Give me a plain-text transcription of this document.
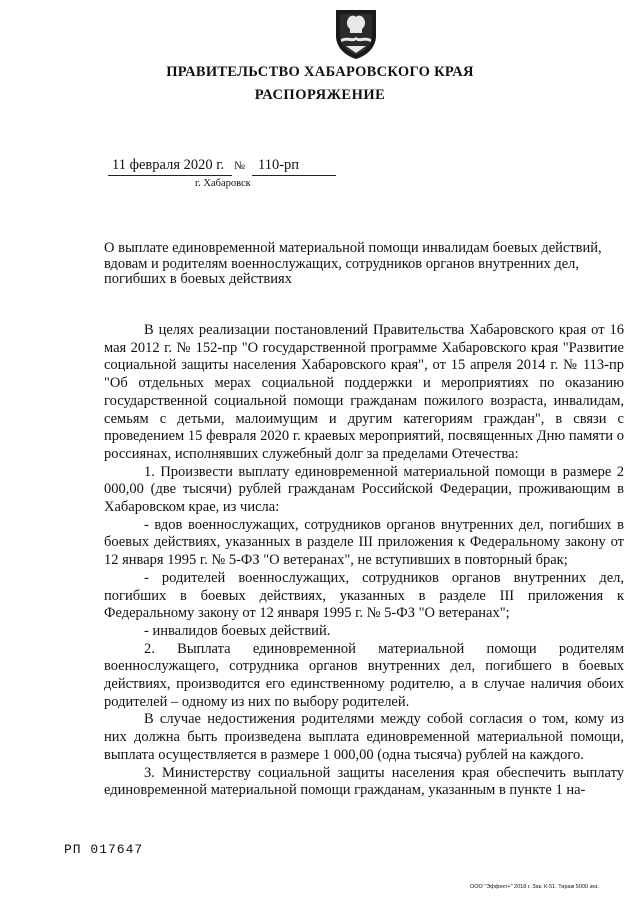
ПРАВИТЕЛЬСТВО ХАБАРОВСКОГО КРАЯ
РАСПОРЯЖЕНИЕ
11 февраля 2020 г. № 110-рп
г. Хабаровск
О выплате единовременной материальной помощи инвалидам боевых действий, вдовам и родителям военнослужащих, сотрудников органов внутренних дел, погибших в боевых действиях

В целях реализации постановлений Правительства Хабаровского края от 16 мая 2012 г. № 152-пр "О государственной программе Хабаровского края "Развитие социальной защиты населения Хабаровского края", от 15 апреля 2014 г. № 113-пр "Об отдельных мерах социальной поддержки и мероприятиях по оказанию государственной социальной помощи гражданам пожилого возраста, инвалидам, семьям с детьми, малоимущим и другим категориям граждан", в связи с проведением 15 февраля 2020 г. краевых мероприятий, посвященных Дню памяти о россиянах, исполнявших служебный долг за пределами Отечества:

1. Произвести выплату единовременной материальной помощи в размере 2 000,00 (две тысячи) рублей гражданам Российской Федерации, проживающим в Хабаровском крае, из числа:

- вдов военнослужащих, сотрудников органов внутренних дел, погибших в боевых действиях, указанных в разделе III приложения к Федеральному закону от 12 января 1995 г. № 5-ФЗ "О ветеранах", не вступивших в повторный брак;

- родителей военнослужащих, сотрудников органов внутренних дел, погибших в боевых действиях, указанных в разделе III приложения к Федеральному закону от 12 января 1995 г. № 5-ФЗ "О ветеранах";

- инвалидов боевых действий.

2. Выплата единовременной материальной помощи родителям военнослужащего, сотрудника органов внутренних дел, погибшего в боевых действиях, производится его единственному родителю, а в случае наличия обоих родителей – одному из них по выбору родителей.

В случае недостижения родителями между собой согласия о том, кому из них должна быть произведена выплата единовременной материальной помощи, выплата осуществляется в размере 1 000,00 (одна тысяча) рублей на каждого.

3. Министерству социальной защиты населения края обеспечить выплату единовременной материальной помощи гражданам, указанным в пункте 1 на-

РП 017647
ООО "Эффект+" 2018 г. Зак. К-51. Тираж 5000 экз.
